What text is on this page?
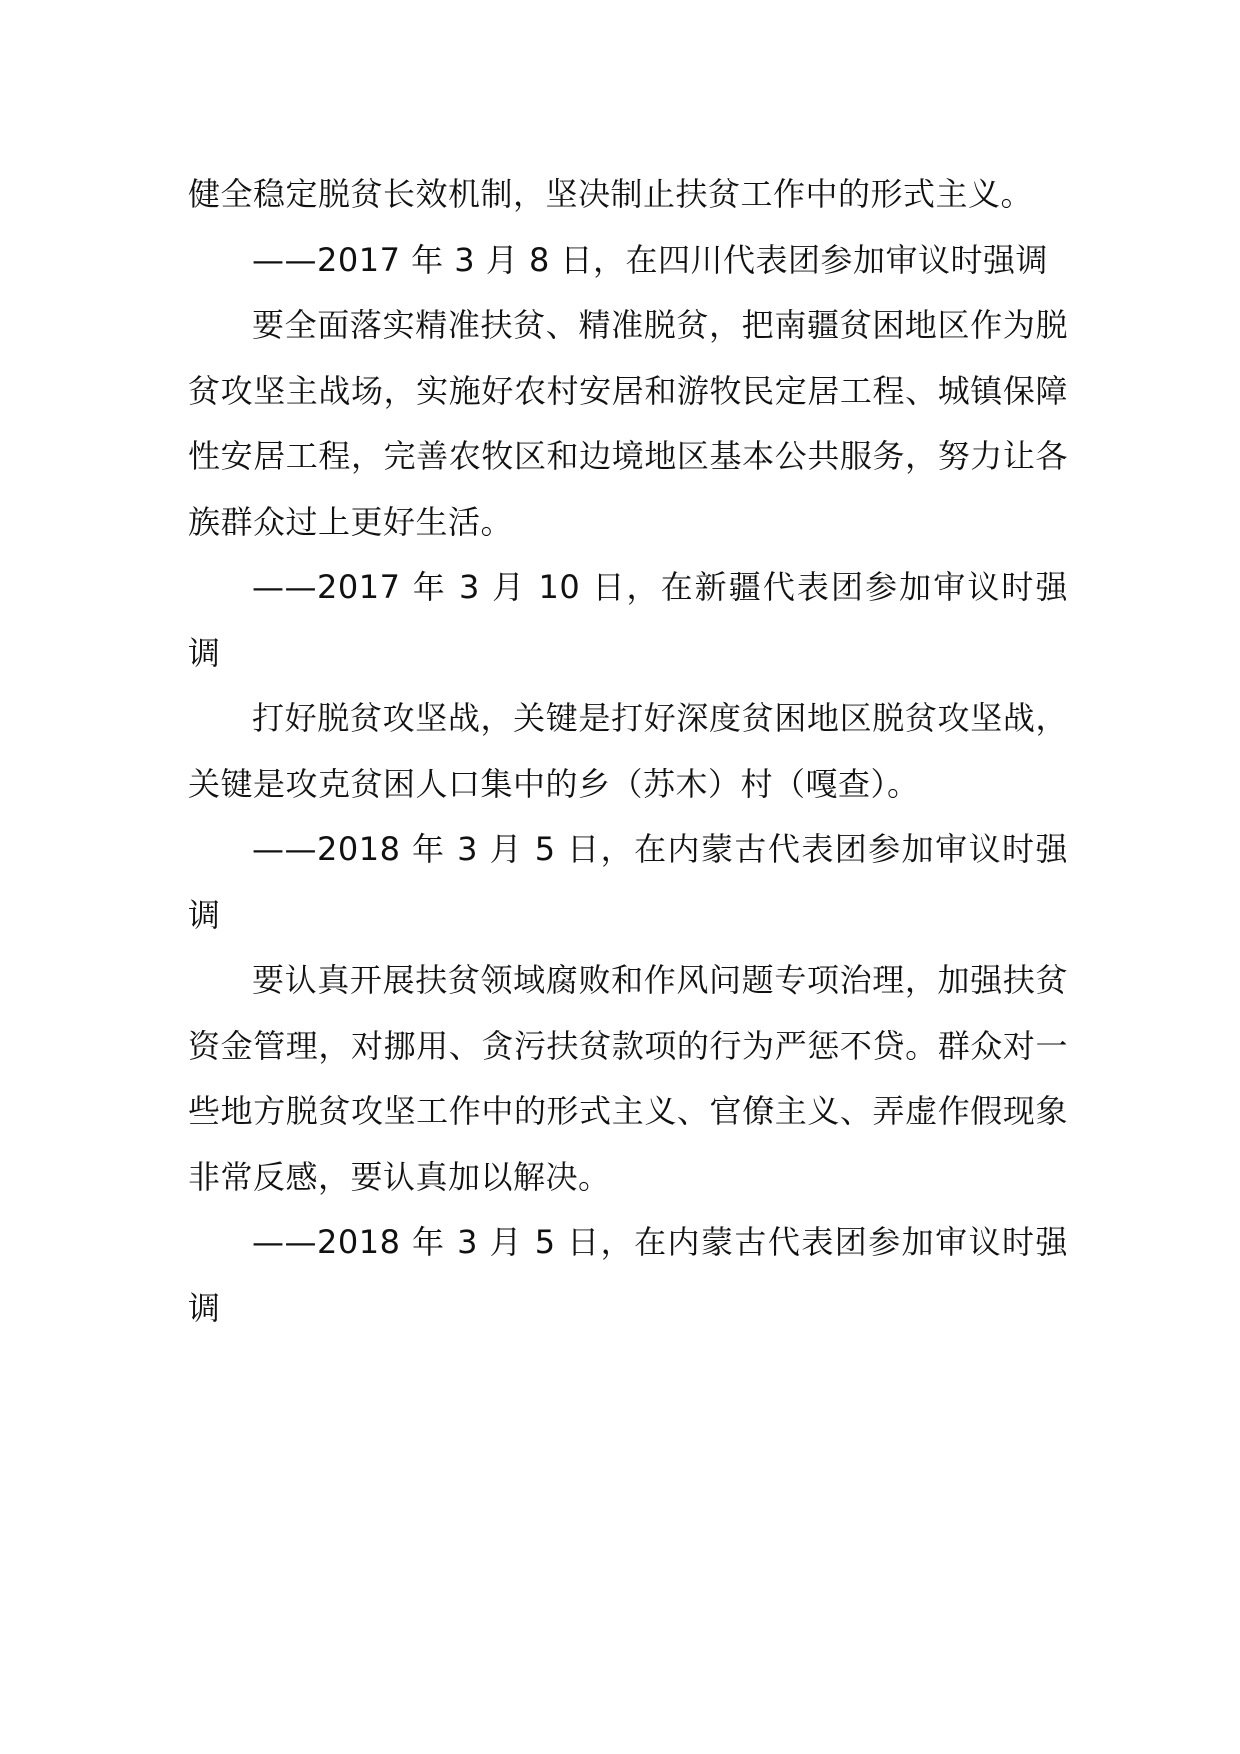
健全稳定脱贫长效机制，坚决制止扶贫工作中的形式主义。

——2017 年 3 月 8 日，在四川代表团参加审议时强调

要全面落实精准扶贫、精准脱贫，把南疆贫困地区作为脱贫攻坚主战场，实施好农村安居和游牧民定居工程、城镇保障性安居工程，完善农牧区和边境地区基本公共服务，努力让各族群众过上更好生活。

——2017 年 3 月 10 日，在新疆代表团参加审议时强调

打好脱贫攻坚战，关键是打好深度贫困地区脱贫攻坚战，关键是攻克贫困人口集中的乡（苏木）村（嘎查）。

——2018 年 3 月 5 日，在内蒙古代表团参加审议时强调

要认真开展扶贫领域腐败和作风问题专项治理，加强扶贫资金管理，对挪用、贪污扶贫款项的行为严惩不贷。群众对一些地方脱贫攻坚工作中的形式主义、官僚主义、弄虚作假现象非常反感，要认真加以解决。

——2018 年 3 月 5 日，在内蒙古代表团参加审议时强调
